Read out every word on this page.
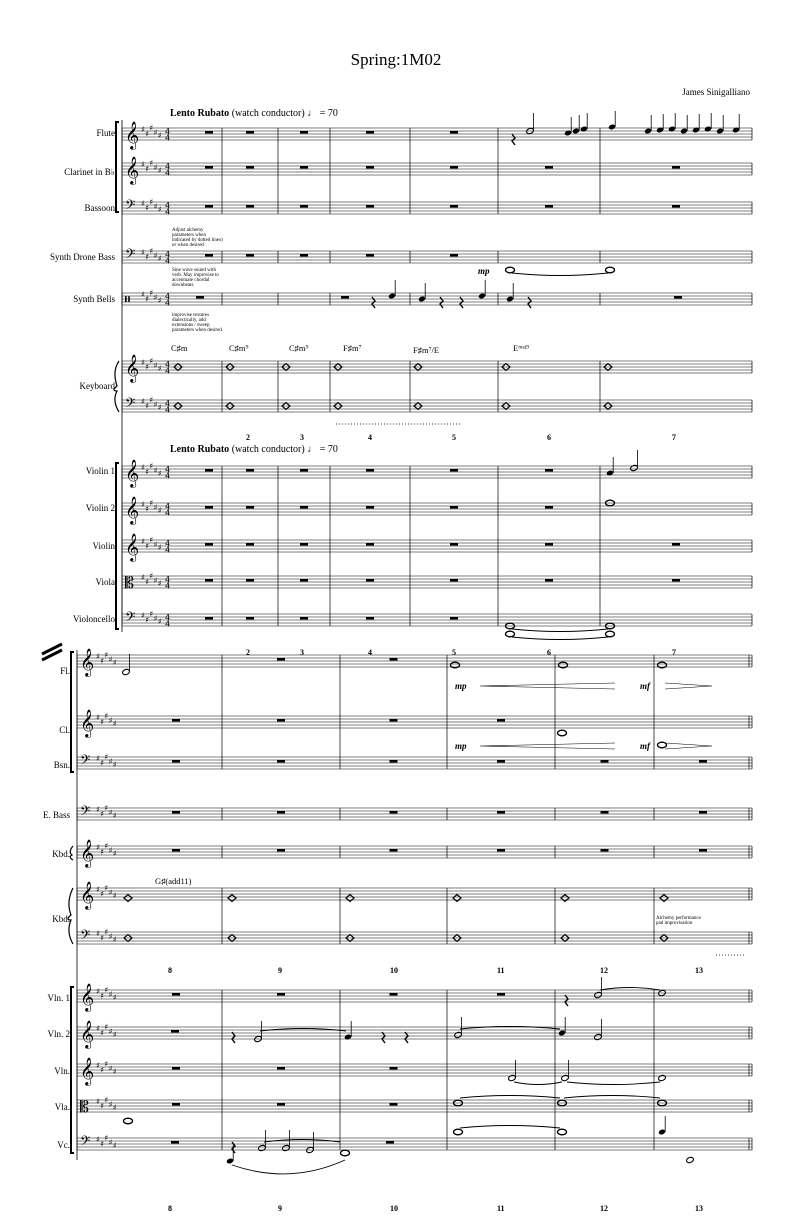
Spring:1M02
James Sinigalliano
Lento Rubato (watch conductor) ♩ = 70
Lento Rubato (watch conductor) ♩ = 70
Flute
Clarinet in B♭
Bassoon
Synth Drone Bass
Synth Bells
Keyboard
Violin 1
Violin 2
Violin
Viola
Violoncello
Adjust alchemy parameters when indicated by dotted lines) or when desired
Sine wave sound with verb. May improvise to accentuate chordal downbeats
improvise textures dialectically, add extensions / sweep parameters when desired.
C♯m	C♯m⁹	C♯m⁹	F♯m⁷	F♯m⁷/E	Eᵐᵃʲ⁹
2	3	4	5	6	7
mp
Fl.
Cl.
Bsn.
E. Bass
Kbd.
Kbd.
Vln. 1
Vln. 2
Vln.
Vla.
Vc.
2	3	4	5	6	7
8	9	10	11	12	13
8	9	10	11	12	13
G♯(add11)
Alchemy performance pad improvisation
mp	mf
mp	mf
𝄞 ♯ ♯
♯ ♯ ♯ 4
4
𝄞 ♯ ♯
♯ ♯ ♯ 4
4
𝄢 ♯ ♯
♯ ♯ ♯ 4
4
𝄢 ♯ ♯
♯ ♯ ♯ 4
4
𝄥 ♯ ♯
♯ ♯ ♯ 4
4
𝄞 ♯ ♯
♯ ♯ ♯ 4
4
𝄢 ♯ ♯
♯ ♯ ♯ 4
4
𝄞 ♯ ♯
♯ ♯ ♯ 4
4
𝄞 ♯ ♯
♯ ♯ ♯ 4
4
𝄞 ♯ ♯
♯ ♯ ♯ 4
4
𝄡 ♯ ♯
♯ ♯ ♯ 4
4
𝄢 ♯ ♯
♯ ♯ ♯ 4
4
𝄞 ♯ ♯
♯ ♯ ♯
𝄞 ♯ ♯
♯ ♯ ♯
𝄢 ♯ ♯
♯ ♯ ♯
𝄢 ♯ ♯
♯ ♯ ♯
𝄞 ♯ ♯
♯ ♯ ♯
𝄞 ♯ ♯
♯ ♯ ♯
𝄢 ♯ ♯
♯ ♯ ♯
𝄞 ♯ ♯
♯ ♯ ♯
𝄞 ♯ ♯
♯ ♯ ♯
𝄞 ♯ ♯
♯ ♯ ♯
𝄡 ♯ ♯
♯ ♯ ♯
𝄢 ♯ ♯
♯ ♯ ♯
